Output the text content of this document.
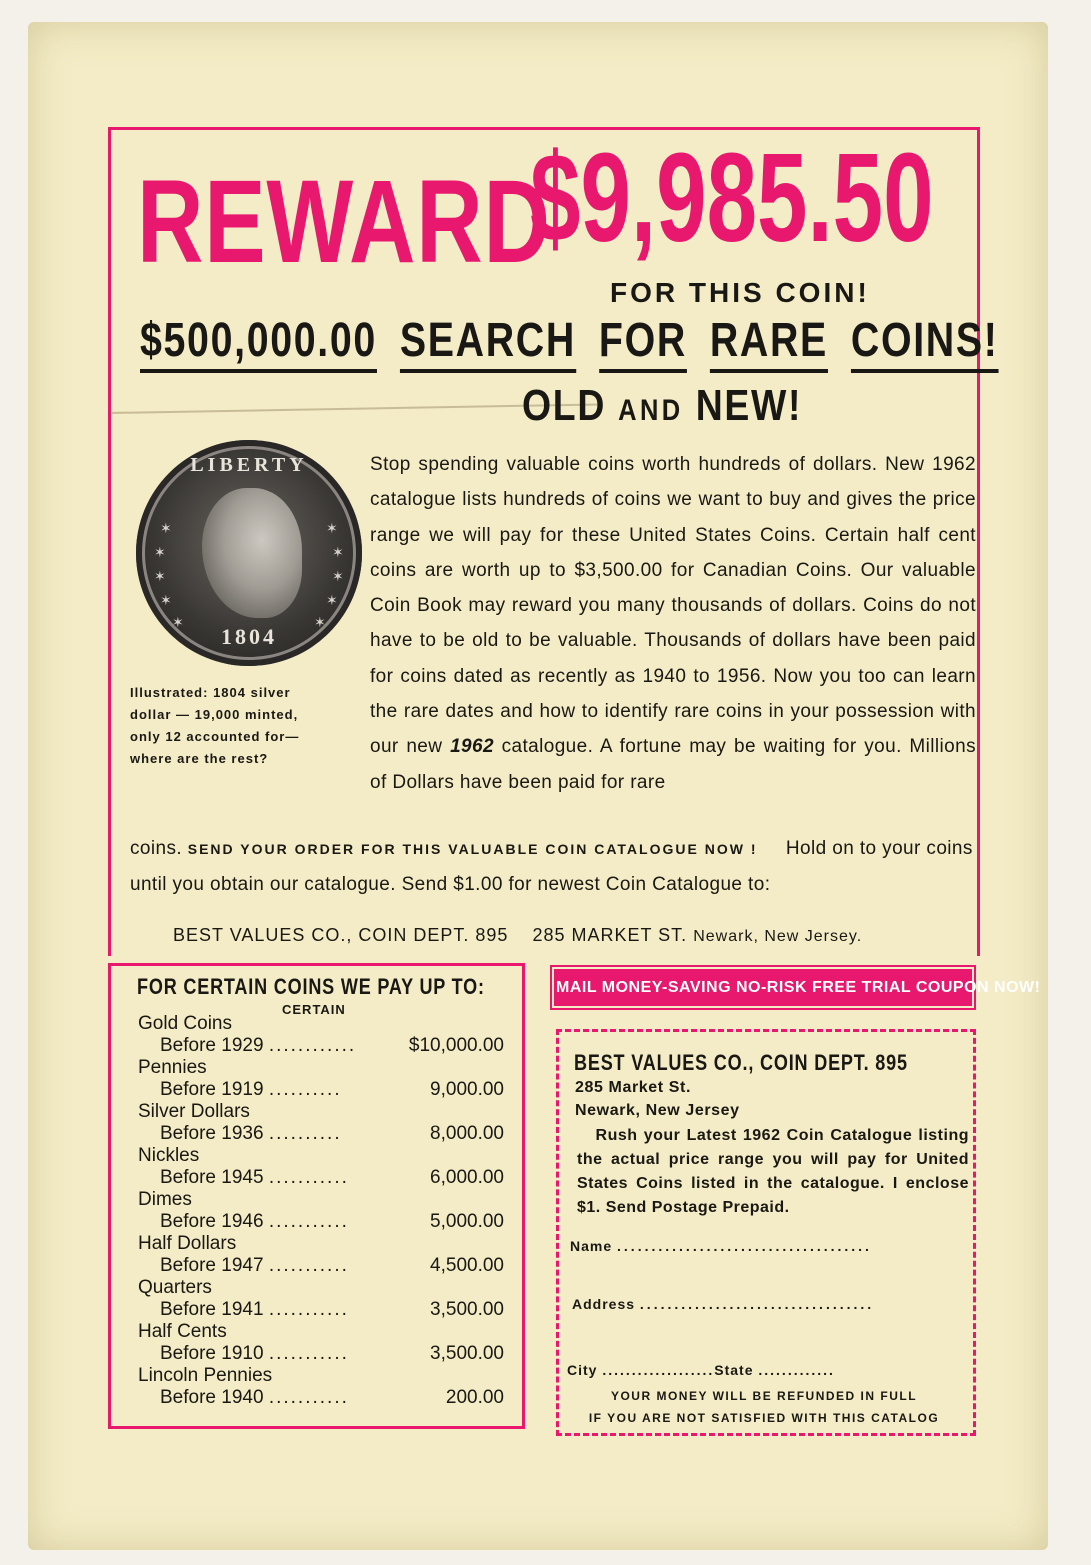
REWARD
$9,985.50
FOR THIS COIN!
$500,000.00 SEARCH FOR RARE COINS!
OLD AND NEW!
LIBERTY
✶
✶
✶
✶
✶
✶
✶
✶
✶
✶
1804
Illustrated: 1804 silver dollar — 19,000 minted, only 12 accounted for— where are the rest?

Stop spending valuable coins worth hundreds of dollars. New 1962 catalogue lists hundreds of coins we want to buy and gives the price range we will pay for these United States Coins. Certain half cent coins are worth up to $3,500.00 for Canadian Coins. Our valuable Coin Book may reward you many thousands of dollars. Coins do not have to be old to be valuable. Thousands of dollars have been paid for coins dated as recently as 1940 to 1956. Now you too can learn the rare dates and how to identify rare coins in your possession with our new 1962 catalogue. A fortune may be waiting for you. Millions of Dollars have been paid for rare

coins. SEND YOUR ORDER FOR THIS VALUABLE COIN CATALOGUE NOW ! Hold on to your coins until you obtain our catalogue. Send $1.00 for newest Coin Catalogue to:
BEST VALUES CO., COIN DEPT. 895 285 MARKET ST. Newark, New Jersey.
FOR CERTAIN COINS WE PAY UP TO:
CERTAIN
Gold Coins
Before 1929 ............	$10,000.00
Pennies
Before 1919 ..........	9,000.00
Silver Dollars
Before 1936 ..........	8,000.00
Nickles
Before 1945 ...........	6,000.00
Dimes
Before 1946 ...........	5,000.00
Half Dollars
Before 1947 ...........	4,500.00
Quarters
Before 1941 ...........	3,500.00
Half Cents
Before 1910 ...........	3,500.00
Lincoln Pennies
Before 1940 ...........	200.00
MAIL MONEY-SAVING NO-RISK FREE TRIAL COUPON NOW!
BEST VALUES CO., COIN DEPT. 895
285 Market St.
Newark, New Jersey
Rush your Latest 1962 Coin Catalogue listing the actual price range you will pay for United States Coins listed in the catalogue. I enclose $1. Send Postage Prepaid.
Name .....................................
Address ..................................
City ...................State .............
YOUR MONEY WILL BE REFUNDED IN FULL
IF YOU ARE NOT SATISFIED WITH THIS CATALOG
